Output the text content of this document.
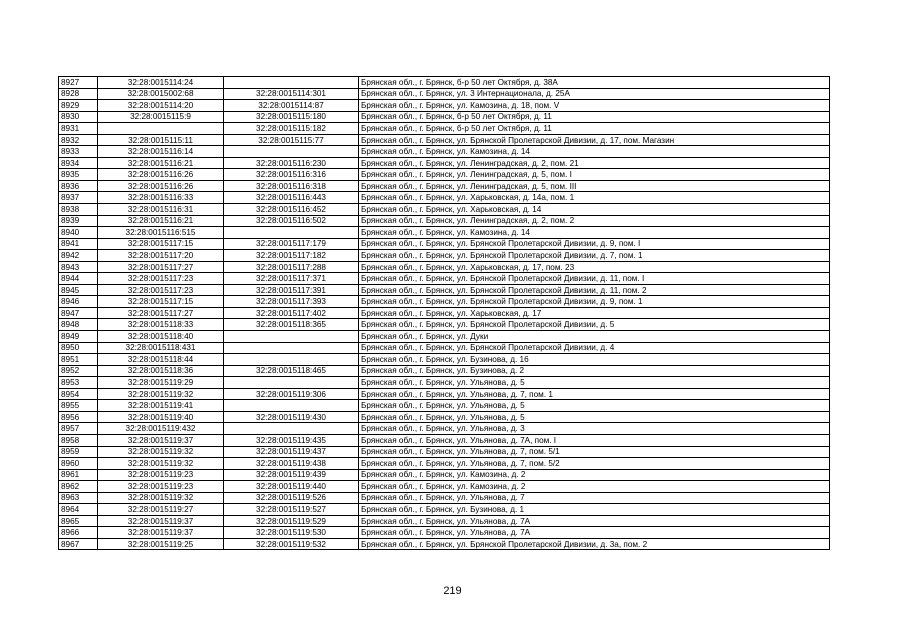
8927	32:28:0015114:24		Брянская обл., г. Брянск, б-р 50 лет Октября, д. 38А
8928	32:28:0015002:68	32:28:0015114:301	Брянская обл., г. Брянск, ул. 3 Интернационала, д. 25А
8929	32:28:0015114:20	32:28:0015114:87	Брянская обл., г. Брянск, ул. Камозина, д. 18, пом. V
8930	32:28:0015115:9	32:28:0015115:180	Брянская обл., г. Брянск, б-р 50 лет Октября, д. 11
8931		32:28:0015115:182	Брянская обл., г. Брянск, б-р 50 лет Октября, д. 11
8932	32:28:0015115:11	32:28:0015115:77	Брянская обл., г. Брянск, ул. Брянской Пролетарской Дивизии, д. 17, пом. Магазин
8933	32:28:0015116:14		Брянская обл., г. Брянск, ул. Камозина, д. 14
8934	32:28:0015116:21	32:28:0015116:230	Брянская обл., г. Брянск, ул. Ленинградская, д. 2, пом. 21
8935	32:28:0015116:26	32:28:0015116:316	Брянская обл., г. Брянск, ул. Ленинградская, д. 5, пом. I
8936	32:28:0015116:26	32:28:0015116:318	Брянская обл., г. Брянск, ул. Ленинградская, д. 5, пом. III
8937	32:28:0015116:33	32:28:0015116:443	Брянская обл., г. Брянск, ул. Харьковская, д. 14а, пом. 1
8938	32:28:0015116:31	32:28:0015116:452	Брянская обл., г. Брянск, ул. Харьковская, д. 14
8939	32:28:0015116:21	32:28:0015116:502	Брянская обл., г. Брянск, ул. Ленинградская, д. 2, пом. 2
8940	32:28:0015116:515		Брянская обл., г. Брянск, ул. Камозина, д. 14
8941	32:28:0015117:15	32:28:0015117:179	Брянская обл., г. Брянск, ул. Брянской Пролетарской Дивизии, д. 9, пом. I
8942	32:28:0015117:20	32:28:0015117:182	Брянская обл., г. Брянск, ул. Брянской Пролетарской Дивизии, д. 7, пом. 1
8943	32:28:0015117:27	32:28:0015117:288	Брянская обл., г. Брянск, ул. Харьковская, д. 17, пом. 23
8944	32:28:0015117:23	32:28:0015117:371	Брянская обл., г. Брянск, ул. Брянской Пролетарской Дивизии, д. 11, пом. I
8945	32:28:0015117:23	32:28:0015117:391	Брянская обл., г. Брянск, ул. Брянской Пролетарской Дивизии, д. 11, пом. 2
8946	32:28:0015117:15	32:28:0015117:393	Брянская обл., г. Брянск, ул. Брянской Пролетарской Дивизии, д. 9, пом. 1
8947	32:28:0015117:27	32:28:0015117:402	Брянская обл., г. Брянск, ул. Харьковская, д. 17
8948	32:28:0015118:33	32:28:0015118:365	Брянская обл., г. Брянск, ул. Брянской Пролетарской Дивизии, д. 5
8949	32:28:0015118:40		Брянская обл., г. Брянск, ул. Дуки
8950	32:28:0015118:431		Брянская обл., г. Брянск, ул. Брянской Пролетарской Дивизии, д. 4
8951	32:28:0015118:44		Брянская обл., г. Брянск, ул. Бузинова, д. 16
8952	32:28:0015118:36	32:28:0015118:465	Брянская обл., г. Брянск, ул. Бузинова, д. 2
8953	32:28:0015119:29		Брянская обл., г. Брянск, ул. Ульянова, д. 5
8954	32:28:0015119:32	32:28:0015119:306	Брянская обл., г. Брянск, ул. Ульянова, д. 7, пом. 1
8955	32:28:0015119:41		Брянская обл., г. Брянск, ул. Ульянова, д. 5
8956	32:28:0015119:40	32:28:0015119:430	Брянская обл., г. Брянск, ул. Ульянова, д. 5
8957	32:28:0015119:432		Брянская обл., г. Брянск, ул. Ульянова, д. 3
8958	32:28:0015119:37	32:28:0015119:435	Брянская обл., г. Брянск, ул. Ульянова, д. 7А, пом. I
8959	32:28:0015119:32	32:28:0015119:437	Брянская обл., г. Брянск, ул. Ульянова, д. 7, пом. 5/1
8960	32:28:0015119:32	32:28:0015119:438	Брянская обл., г. Брянск, ул. Ульянова, д. 7, пом. 5/2
8961	32:28:0015119:23	32:28:0015119:439	Брянская обл., г. Брянск, ул. Камозина, д. 2
8962	32:28:0015119:23	32:28:0015119:440	Брянская обл., г. Брянск, ул. Камозина, д. 2
8963	32:28:0015119:32	32:28:0015119:526	Брянская обл., г. Брянск, ул. Ульянова, д. 7
8964	32:28:0015119:27	32:28:0015119:527	Брянская обл., г. Брянск, ул. Бузинова, д. 1
8965	32:28:0015119:37	32:28:0015119:529	Брянская обл., г. Брянск, ул. Ульянова, д. 7А
8966	32:28:0015119:37	32:28:0015119:530	Брянская обл., г. Брянск, ул. Ульянова, д. 7А
8967	32:28:0015119:25	32:28:0015119:532	Брянская обл., г. Брянск, ул. Брянской Пролетарской Дивизии, д. 3а, пом. 2
219
